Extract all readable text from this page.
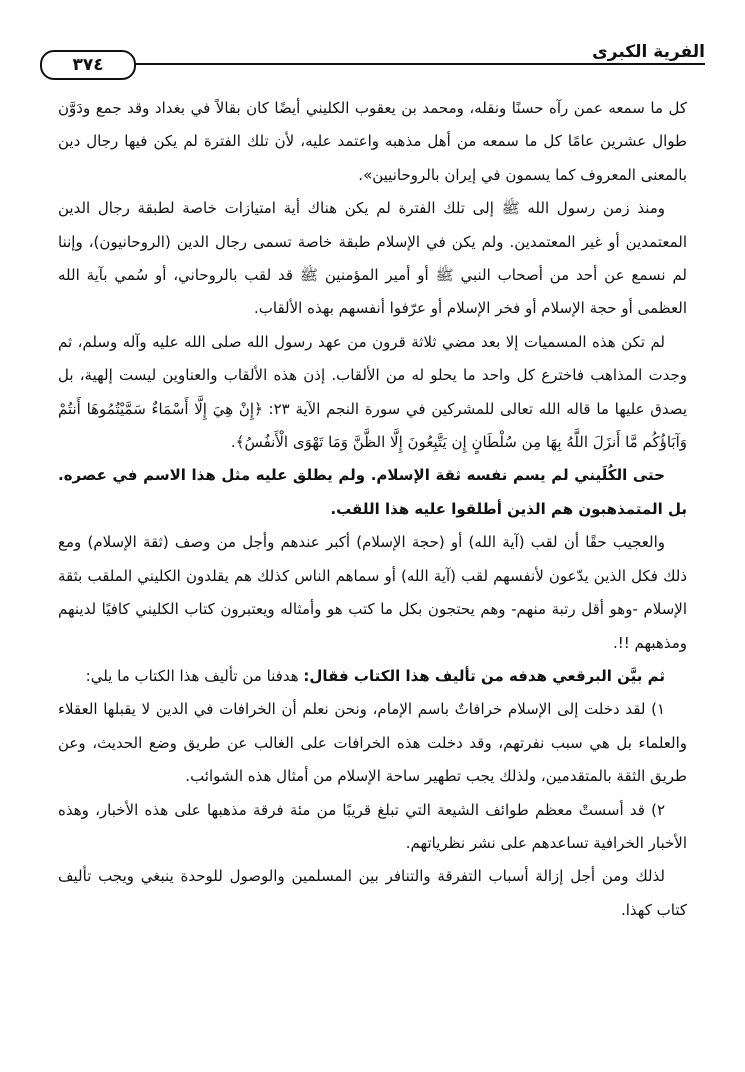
الفرية الكبرى
٣٧٤

كل ما سمعه عمن رآه حسنًا ونقله، ومحمد بن يعقوب الكليني أيضًا كان بقالاً في بغداد وقد جمع ودَوَّن طوال عشرين عامًا كل ما سمعه من أهل مذهبه واعتمد عليه، لأن تلك الفترة لم يكن فيها رجال دين بالمعنى المعروف كما يسمون في إيران بالروحانيين».

ومنذ زمن رسول الله ﷺ إلى تلك الفترة لم يكن هناك أية امتيازات خاصة لطبقة رجال الدين المعتمدين أو غير المعتمدين. ولم يكن في الإسلام طبقة خاصة تسمى رجال الدين (الروحانيون)، وإننا لم نسمع عن أحد من أصحاب النبي ﷺ أو أمير المؤمنين ﷺ قد لقب بالروحاني، أو سُمي بآية الله العظمى أو حجة الإسلام أو فخر الإسلام أو عرّفوا أنفسهم بهذه الألقاب.

لم تكن هذه المسميات إلا بعد مضي ثلاثة قرون من عهد رسول الله صلى الله عليه وآله وسلم، ثم وجدت المذاهب فاخترع كل واحد ما يحلو له من الألقاب. إذن هذه الألقاب والعناوين ليست إلهية، بل يصدق عليها ما قاله الله تعالى للمشركين في سورة النجم الآية ٢٣: ﴿إِنْ هِيَ إِلَّا أَسْمَاءٌ سَمَّيْتُمُوهَا أَنتُمْ وَآبَاؤُكُم مَّا أَنزَلَ اللَّهُ بِهَا مِن سُلْطَانٍ إِن يَتَّبِعُونَ إِلَّا الظَّنَّ وَمَا تَهْوَى الْأَنفُسُ﴾.

حتى الكُلَيني لم يسم نفسه ثقة الإسلام. ولم يطلق عليه مثل هذا الاسم في عصره. بل المتمذهبون هم الذين أطلقوا عليه هذا اللقب.

والعجيب حقًا أن لقب (آية الله) أو (حجة الإسلام) أكبر عندهم وأجل من وصف (ثقة الإسلام) ومع ذلك فكل الذين يدّعون لأنفسهم لقب (آية الله) أو سماهم الناس كذلك هم يقلدون الكليني الملقب بثقة الإسلام -وهو أقل رتبة منهم- وهم يحتجون بكل ما كتب هو وأمثاله ويعتبرون كتاب الكليني كافيًا لدينهم ومذهبهم !!.

ثم بيَّن البرقعي هدفه من تأليف هذا الكتاب فقال: هدفنا من تأليف هذا الكتاب ما يلي:

١) لقد دخلت إلى الإسلام خرافاتٌ باسم الإمام، ونحن نعلم أن الخرافات في الدين لا يقبلها العقلاء والعلماء بل هي سبب نفرتهم، وقد دخلت هذه الخرافات على الغالب عن طريق وضع الحديث، وعن طريق الثقة بالمتقدمين، ولذلك يجب تطهير ساحة الإسلام من أمثال هذه الشوائب.

٢) قد أسستْ معظم طوائف الشيعة التي تبلغ قريبًا من مئة فرقة مذهبها على هذه الأخبار، وهذه الأخبار الخرافية تساعدهم على نشر نظرياتهم.

لذلك ومن أجل إزالة أسباب التفرقة والتنافر بين المسلمين والوصول للوحدة ينبغي ويجب تأليف كتاب كهذا.
